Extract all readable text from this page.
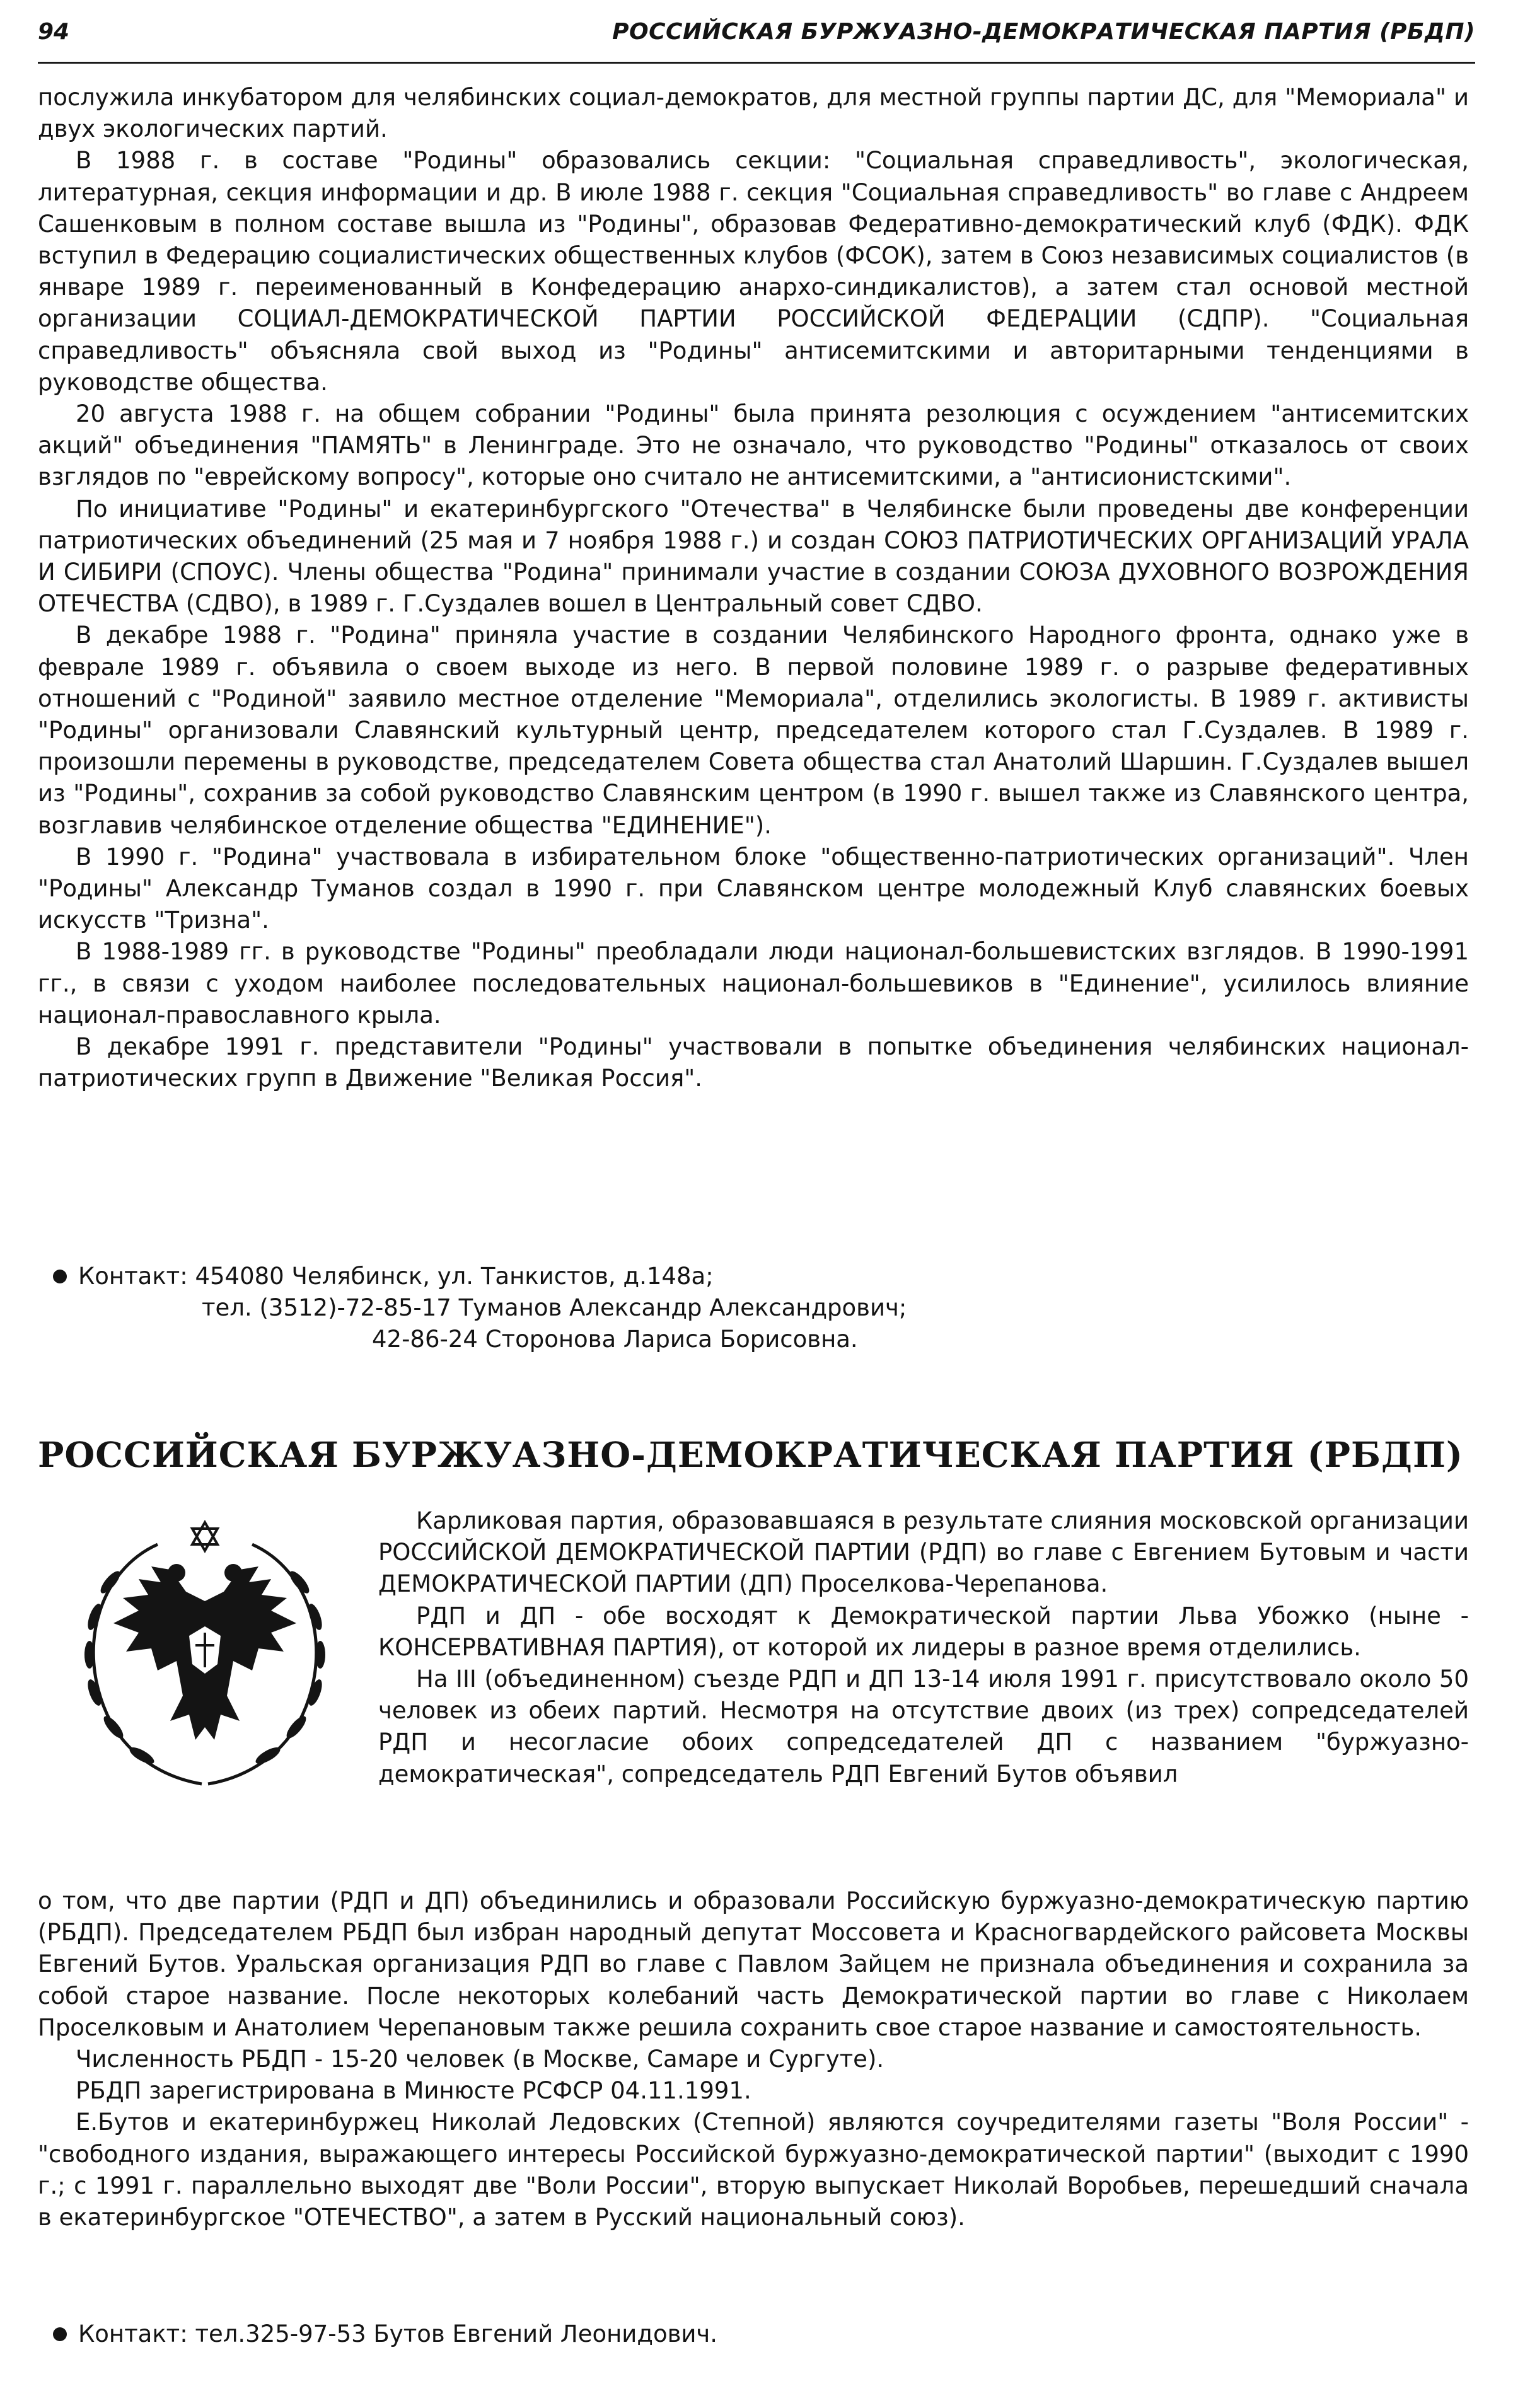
94	РОССИЙСКАЯ БУРЖУАЗНО-ДЕМОКРАТИЧЕСКАЯ ПАРТИЯ (РБДП)

послужила инкубатором для челябинских социал-демократов, для местной группы партии ДС, для "Мемориала" и двух экологических партий.

В 1988 г. в составе "Родины" образовались секции: "Социальная справедливость", экологическая, литературная, секция информации и др. В июле 1988 г. секция "Социальная справедливость" во главе с Андреем Сашенковым в полном составе вышла из "Родины", образовав Федеративно-демократический клуб (ФДК). ФДК вступил в Федерацию социалистических общественных клубов (ФСОК), затем в Союз независимых социалистов (в январе 1989 г. переименованный в Конфедерацию анархо-синдикалистов), а затем стал основой местной организации СОЦИАЛ-ДЕМОКРАТИЧЕСКОЙ ПАРТИИ РОССИЙСКОЙ ФЕДЕРАЦИИ (СДПР). "Социальная справедливость" объясняла свой выход из "Родины" антисемитскими и авторитарными тенденциями в руководстве общества.

20 августа 1988 г. на общем собрании "Родины" была принята резолюция с осуждением "антисемитских акций" объединения "ПАМЯТЬ" в Ленинграде. Это не означало, что руководство "Родины" отказалось от своих взглядов по "еврейскому вопросу", которые оно считало не антисемитскими, а "антисионистскими".

По инициативе "Родины" и екатеринбургского "Отечества" в Челябинске были проведены две конференции патриотических объединений (25 мая и 7 ноября 1988 г.) и создан СОЮЗ ПАТРИОТИЧЕСКИХ ОРГАНИЗАЦИЙ УРАЛА И СИБИРИ (СПОУС). Члены общества "Родина" принимали участие в создании СОЮЗА ДУХОВНОГО ВОЗРОЖДЕНИЯ ОТЕЧЕСТВА (СДВО), в 1989 г. Г.Суздалев вошел в Центральный совет СДВО.

В декабре 1988 г. "Родина" приняла участие в создании Челябинского Народного фронта, однако уже в феврале 1989 г. объявила о своем выходе из него. В первой половине 1989 г. о разрыве федеративных отношений с "Родиной" заявило местное отделение "Мемориала", отделились экологисты. В 1989 г. активисты "Родины" организовали Славянский культурный центр, председателем которого стал Г.Суздалев. В 1989 г. произошли перемены в руководстве, председателем Совета общества стал Анатолий Шаршин. Г.Суздалев вышел из "Родины", сохранив за собой руководство Славянским центром (в 1990 г. вышел также из Славянского центра, возглавив челябинское отделение общества "ЕДИНЕНИЕ").

В 1990 г. "Родина" участвовала в избирательном блоке "общественно-патриотических организаций". Член "Родины" Александр Туманов создал в 1990 г. при Славянском центре молодежный Клуб славянских боевых искусств "Тризна".

В 1988-1989 гг. в руководстве "Родины" преобладали люди национал-большевистских взглядов. В 1990-1991 гг., в связи с уходом наиболее последовательных национал-большевиков в "Единение", усилилось влияние национал-православного крыла.

В декабре 1991 г. представители "Родины" участвовали в попытке объединения челябинских национал-патриотических групп в Движение "Великая Россия".

Контакт: 454080 Челябинск, ул. Танкистов, д.148а;
тел. (3512)-72-85-17 Туманов Александр Александрович;
42-86-24 Сторонова Лариса Борисовна.
РОССИЙСКАЯ БУРЖУАЗНО-ДЕМОКРАТИЧЕСКАЯ ПАРТИЯ (РБДП)

Карликовая партия, образовавшаяся в результате слияния московской организации РОССИЙСКОЙ ДЕМОКРАТИЧЕСКОЙ ПАРТИИ (РДП) во главе с Евгением Бутовым и части ДЕМОКРАТИЧЕСКОЙ ПАРТИИ (ДП) Проселкова-Черепанова.

РДП и ДП - обе восходят к Демократической партии Льва Убожко (ныне - КОНСЕРВАТИВНАЯ ПАРТИЯ), от которой их лидеры в разное время отделились.

На III (объединенном) съезде РДП и ДП 13-14 июля 1991 г. присутствовало около 50 человек из обеих партий. Несмотря на отсутствие двоих (из трех) сопредседателей РДП и несогласие обоих сопредседателей ДП с названием "буржуазно-демократическая", сопредседатель РДП Евгений Бутов объявил

о том, что две партии (РДП и ДП) объединились и образовали Российскую буржуазно-демократическую партию (РБДП). Председателем РБДП был избран народный депутат Моссовета и Красногвардейского райсовета Москвы Евгений Бутов. Уральская организация РДП во главе с Павлом Зайцем не признала объединения и сохранила за собой старое название. После некоторых колебаний часть Демократической партии во главе с Николаем Проселковым и Анатолием Черепановым также решила сохранить свое старое название и самостоятельность.

Численность РБДП - 15-20 человек (в Москве, Самаре и Сургуте).

РБДП зарегистрирована в Минюсте РСФСР 04.11.1991.

Е.Бутов и екатеринбуржец Николай Ледовских (Степной) являются соучредителями газеты "Воля России" - "свободного издания, выражающего интересы Российской буржуазно-демократической партии" (выходит с 1990 г.; с 1991 г. параллельно выходят две "Воли России", вторую выпускает Николай Воробьев, перешедший сначала в екатеринбургское "ОТЕЧЕСТВО", а затем в Русский национальный союз).

Контакт: тел.325-97-53 Бутов Евгений Леонидович.
